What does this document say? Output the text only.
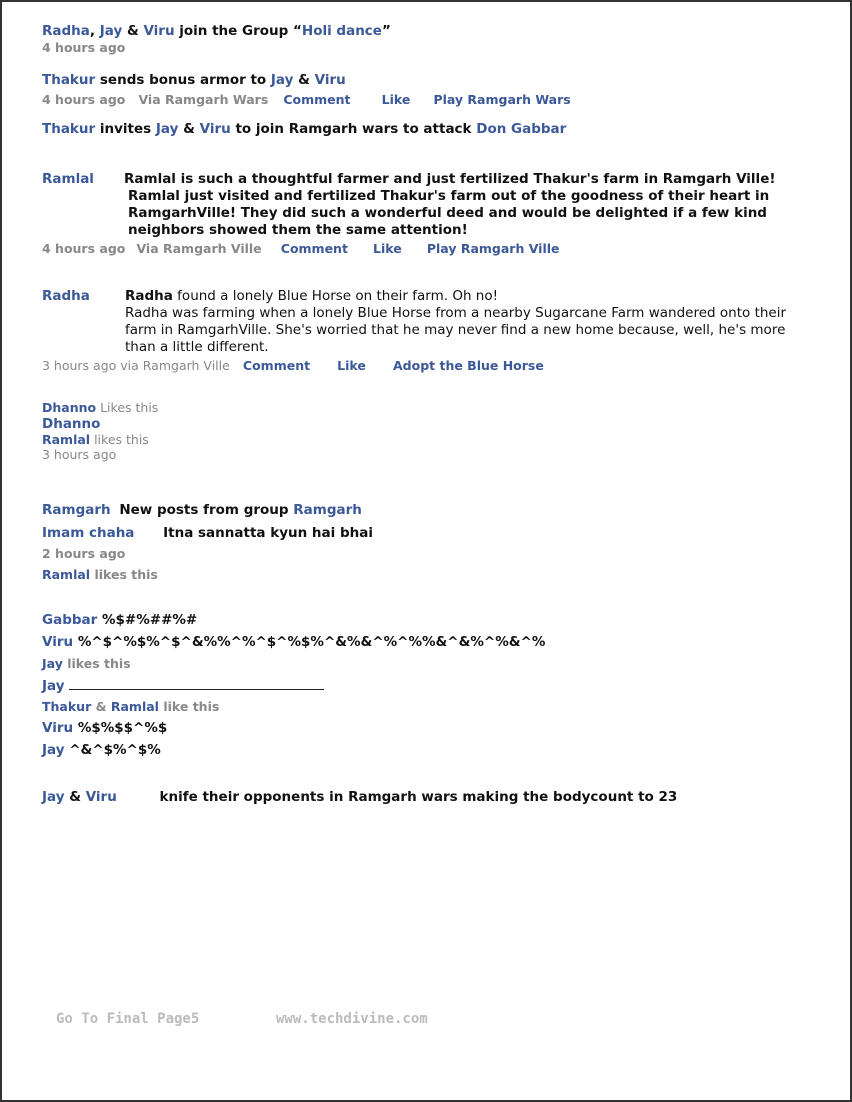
Radha, Jay & Viru join the Group “Holi dance”
4 hours ago
Thakur sends bonus armor to Jay & Viru
4 hours ago Via Ramgarh Wars Comment Like Play Ramgarh Wars
Thakur invites Jay & Viru to join Ramgarh wars to attack Don Gabbar
Ramlal Ramlal is such a thoughtful farmer and just fertilized Thakur's farm in Ramgarh Ville!
Ramlal just visited and fertilized Thakur's farm out of the goodness of their heart in RamgarhVille! They did such a wonderful deed and would be delighted if a few kind neighbors showed them the same attention!
4 hours ago Via Ramgarh Ville Comment Like Play Ramgarh Ville
Radha	Radha found a lonely Blue Horse on their farm. Oh no!
Radha was farming when a lonely Blue Horse from a nearby Sugarcane Farm wandered onto their farm in RamgarhVille. She's worried that he may never find a new home because, well, he's more than a little different.
3 hours ago via Ramgarh Ville Comment Like Adopt the Blue Horse
Dhanno Likes this
Dhanno
Ramlal likes this
3 hours ago
Ramgarh New posts from group Ramgarh
Imam chaha Itna sannatta kyun hai bhai
2 hours ago
Ramlal likes this
Gabbar %$#%##%#
Viru %^$^%$%^$^&%%^%^$^%$%^&%&^%^%%&^&%^%&^%
Jay likes this
Jay
Thakur & Ramlal like this
Viru %$%$$^%$
Jay ^&^$%^$%
Jay & Viru	knife their opponents in Ramgarh wars making the bodycount to 23
Go To Final Page5	www.techdivine.com
